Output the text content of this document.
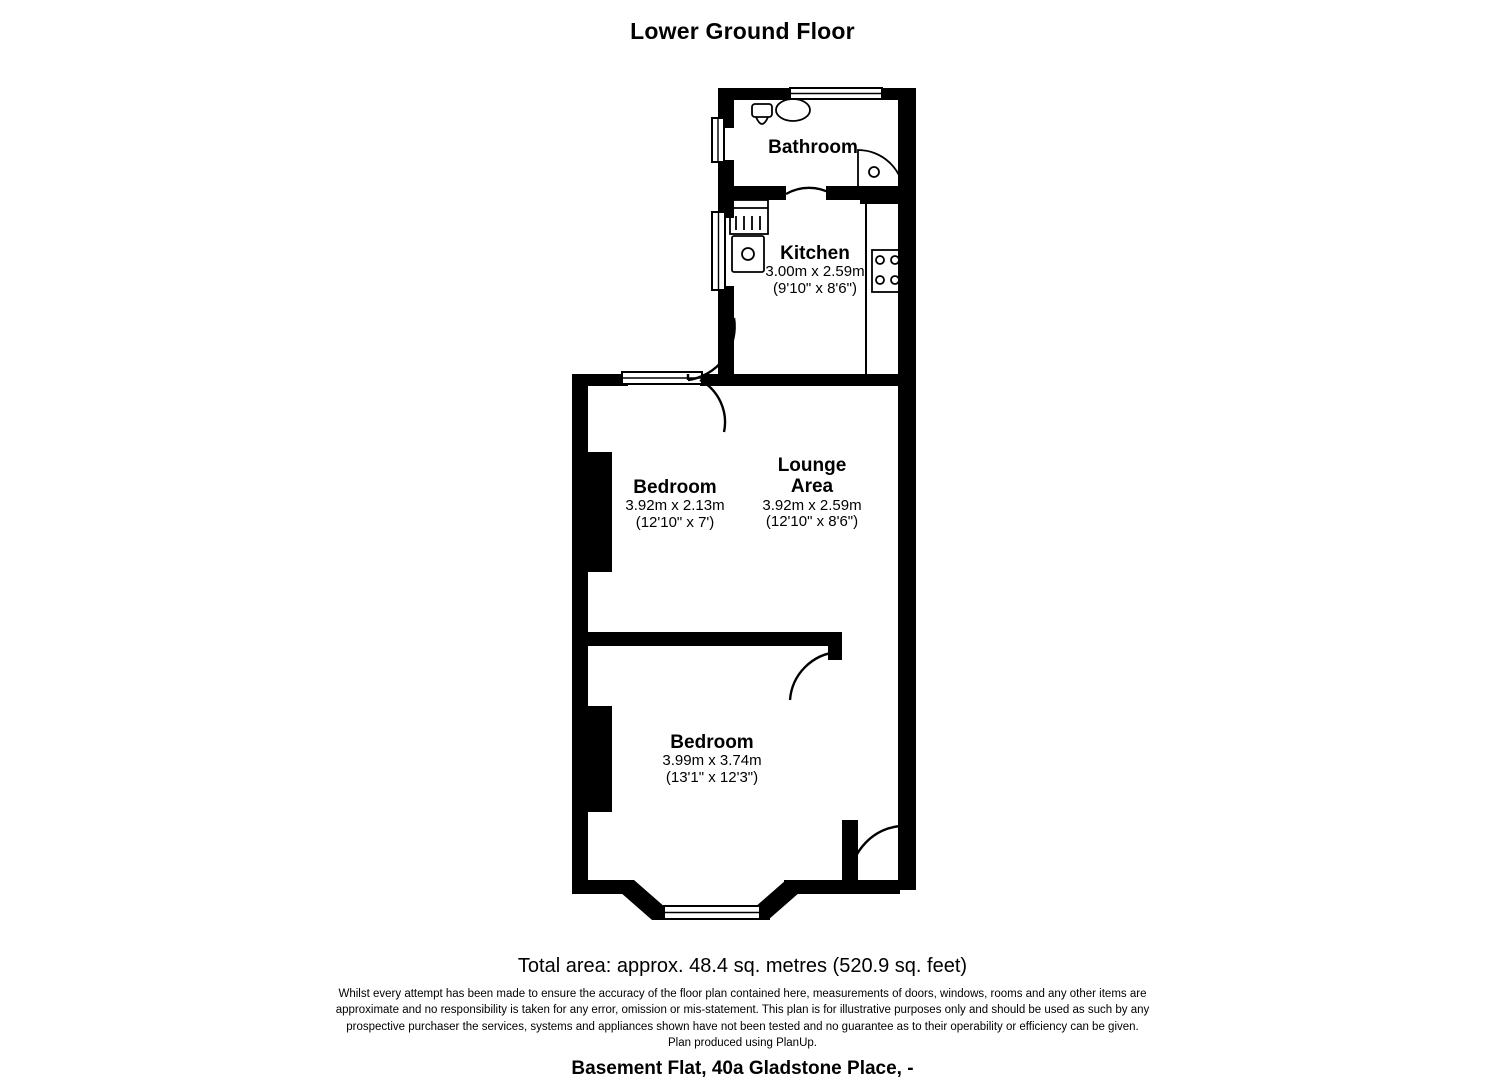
Lower Ground Floor
Bathroom
Kitchen
3.00m x 2.59m
(9'10" x 8'6")
Lounge
Area
3.92m x 2.59m
(12'10" x 8'6")
Bedroom
3.92m x 2.13m
(12'10" x 7')
Bedroom
3.99m x 3.74m
(13'1" x 12'3")
Total area: approx. 48.4 sq. metres (520.9 sq. feet)
Whilst every attempt has been made to ensure the accuracy of the floor plan contained here, measurements of doors, windows, rooms and any other items are
approximate and no responsibility is taken for any error, omission or mis-statement. This plan is for illustrative purposes only and should be used as such by any
prospective purchaser the services, systems and appliances shown have not been tested and no guarantee as to their operability or efficiency can be given.
Plan produced using PlanUp.
Basement Flat, 40a Gladstone Place, -
